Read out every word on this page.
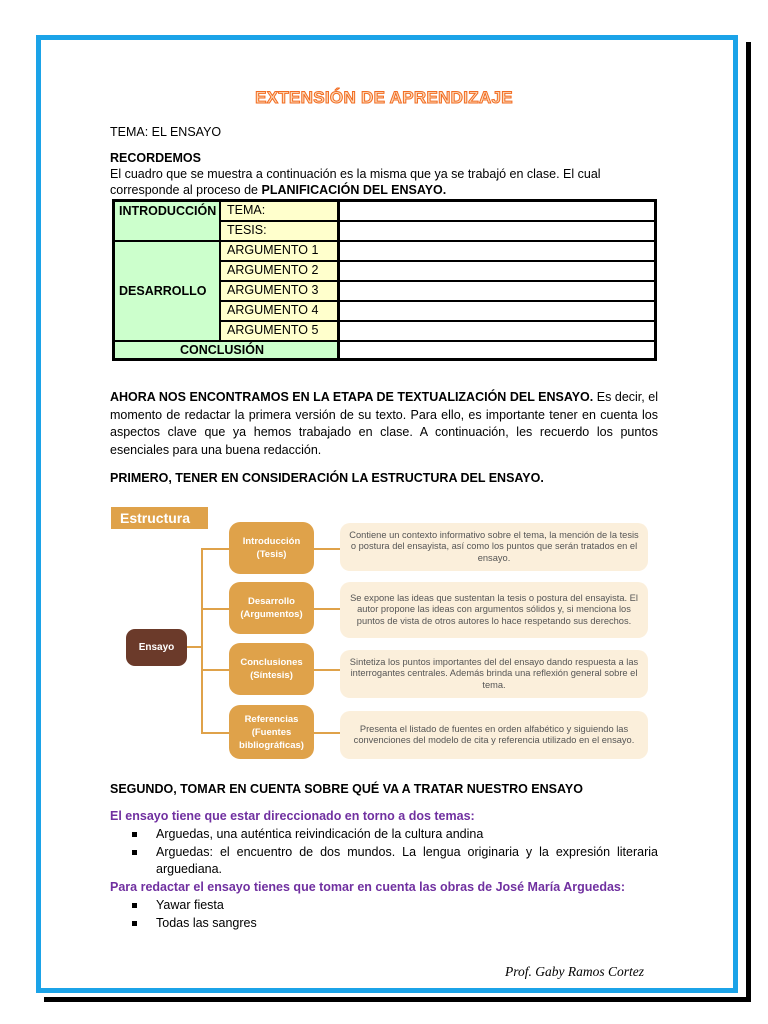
EXTENSIÓN DE APRENDIZAJE
TEMA: EL ENSAYO
RECORDEMOS
El cuadro que se muestra a continuación es la misma que ya se trabajó en clase. El cual
corresponde al proceso de PLANIFICACIÓN DEL ENSAYO.
INTRODUCCIÓN
DESARROLLO
CONCLUSIÓN
TEMA:
TESIS:
ARGUMENTO 1
ARGUMENTO 2
ARGUMENTO 3
ARGUMENTO 4
ARGUMENTO 5
AHORA NOS ENCONTRAMOS EN LA ETAPA DE TEXTUALIZACIÓN DEL ENSAYO. Es decir, el momento de redactar la primera versión de su texto. Para ello, es importante tener en cuenta los aspectos clave que ya hemos trabajado en clase. A continuación, les recuerdo los puntos esenciales para una buena redacción.
PRIMERO, TENER EN CONSIDERACIÓN LA ESTRUCTURA DEL ENSAYO.
Estructura
Ensayo
Introducción
(Tesis)
Desarrollo
(Argumentos)
Conclusiones
(Síntesis)
Referencias
(Fuentes
bibliográficas)
Contiene un contexto informativo sobre el tema, la mención de la tesis o postura del ensayista, así como los puntos que serán tratados en el ensayo.
Se expone las ideas que sustentan la tesis o postura del ensayista. El autor propone las ideas con argumentos sólidos y, si menciona los puntos de vista de otros autores lo hace respetando sus derechos.
Sintetiza los puntos importantes del del ensayo dando respuesta a las interrogantes centrales. Además brinda una reflexión general sobre el tema.
Presenta el listado de fuentes en orden alfabético y siguiendo las convenciones del modelo de cita y referencia utilizado en el ensayo.
SEGUNDO, TOMAR EN CUENTA SOBRE QUÉ VA A TRATAR NUESTRO ENSAYO
El ensayo tiene que estar direccionado en torno a dos temas:
Arguedas, una auténtica reivindicación de la cultura andina
Arguedas: el encuentro de dos mundos. La lengua originaria y la expresión literaria arguediana.
Para redactar el ensayo tienes que tomar en cuenta las obras de José María Arguedas:
Yawar fiesta
Todas las sangres
Prof. Gaby Ramos Cortez
